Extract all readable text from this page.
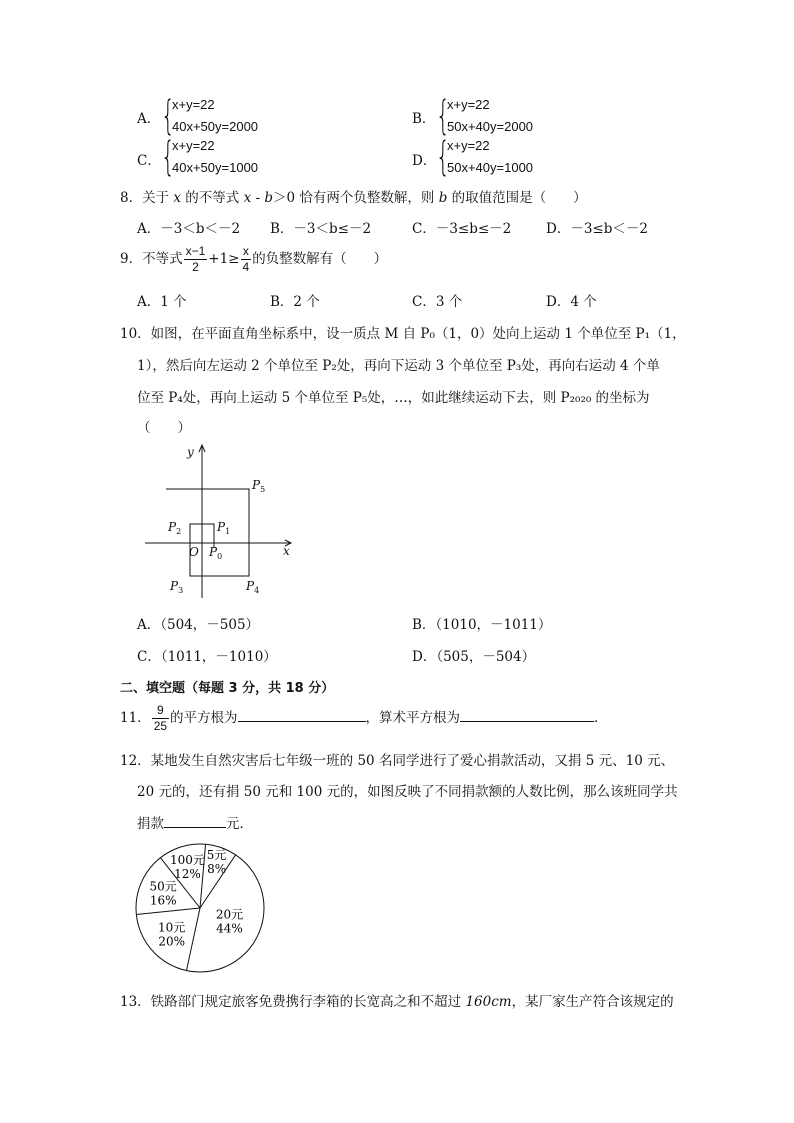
A． {
x+y=22
40x+50y=2000	B． {
x+y=22
50x+40y=2000
C． {
x+y=22
40x+50y=1000	D． {
x+y=22
50x+40y=1000
8．关于 x 的不等式 x - b＞0 恰有两个负整数解，则 b 的取值范围是（　　）
A．－3＜b＜－2 B．－3＜b≤－2	C．－3≤b≤－2	D．－3≤b＜－2
9．不等式 $\frac{x-1}{2} +1\ge \frac{x}{4}$ 的负整数解有（　　）
A．1 个	B．2 个	C．3 个	D．4 个
10．如图，在平面直角坐标系中，设一质点 M 自 P₀（1，0）处向上运动 1 个单位至 P₁（1，
1），然后向左运动 2 个单位至 P₂处，再向下运动 3 个单位至 P₃处，再向右运动 4 个单
位至 P₄处，再向上运动 5 个单位至 P₅处，…，如此继续运动下去，则 P₂₀₂₀ 的坐标为
（　　）
y
x
O $P_0$
$P_1$
$P_2$
$P_3$	$P_4$
$P_5$
A．（504，－505）	B．（1010，－1011）
C．（1011，－1010）	D．（505，－504）
二、填空题（每题 3 分，共 18 分）
11． $\frac{9}{25}$ 的平方根为	，算术平方根为	．
12．某地发生自然灾害后七年级一班的 50 名同学进行了爱心捐款活动，又捐 5 元、10 元、
20 元的，还有捐 50 元和 100 元的，如图反映了不同捐款额的人数比例，那么该班同学共
捐款	元．
5元
8%
20元
44%
10元
20%
50元
16%
100元
12%
13．铁路部门规定旅客免费携行李箱的长宽高之和不超过 160cm，某厂家生产符合该规定的
